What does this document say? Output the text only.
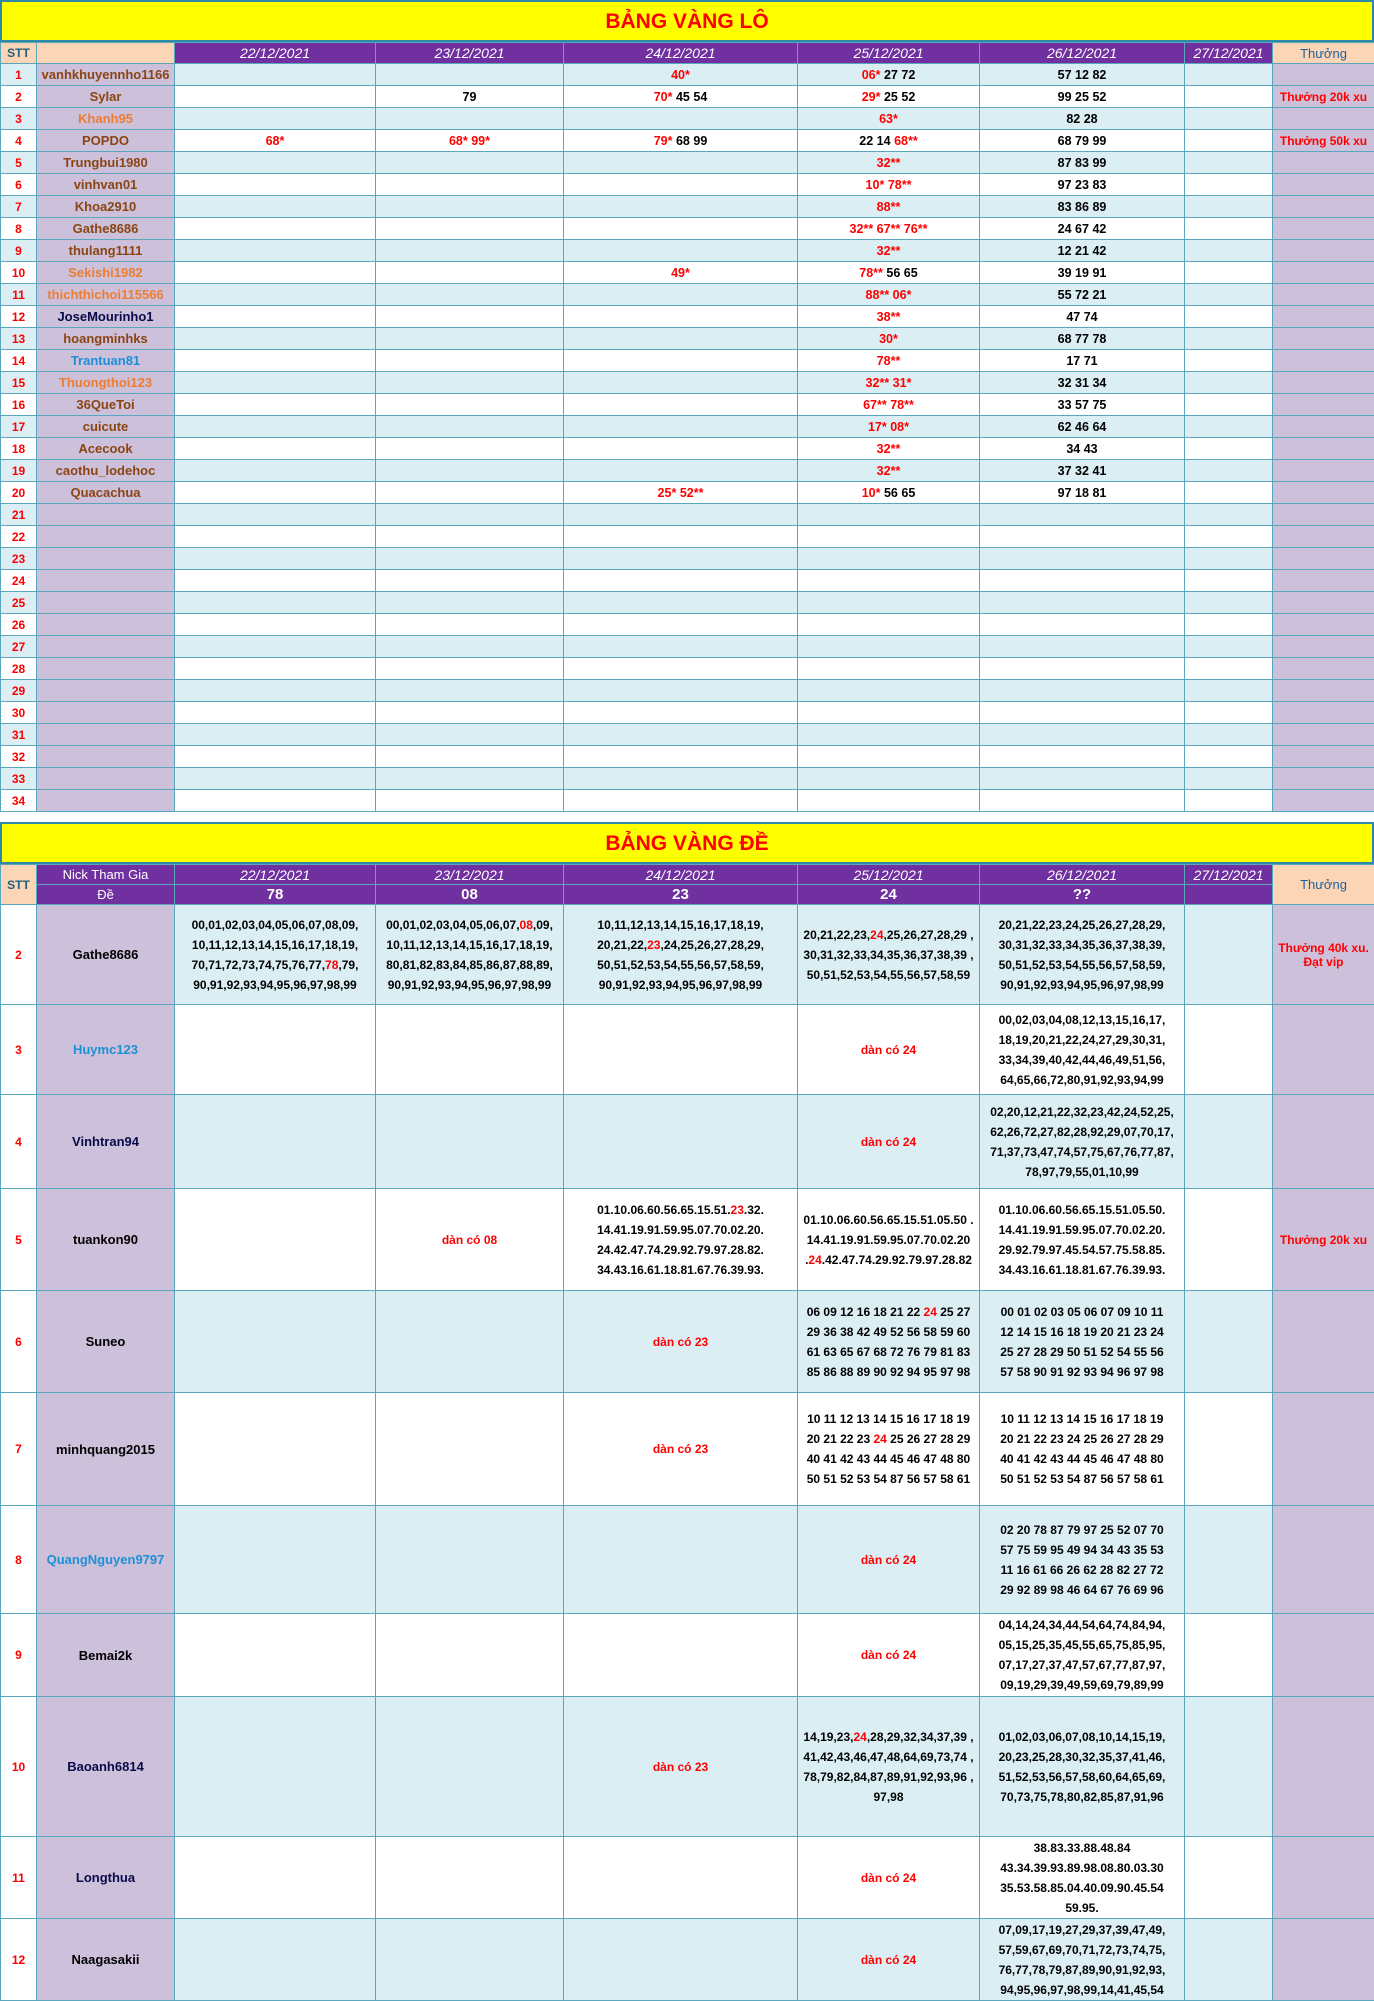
BẢNG VÀNG LÔ
STT		22/12/2021	23/12/2021	24/12/2021	25/12/2021	26/12/2021	27/12/2021	Thưởng
1	vanhkhuyennho1166			40*	06* 27 72	57 12 82		
2	Sylar		79	70* 45 54	29* 25 52	99 25 52		Thưởng 20k xu
3	Khanh95				63*	82 28		
4	POPDO	68*	68* 99*	79* 68 99	22 14 68**	68 79 99		Thưởng 50k xu
5	Trungbui1980				32**	87 83 99		
6	vinhvan01				10* 78**	97 23 83		
7	Khoa2910				88**	83 86 89		
8	Gathe8686				32** 67** 76**	24 67 42		
9	thulang1111				32**	12 21 42		
10	Sekishi1982			49*	78** 56 65	39 19 91		
11	thichthichoi115566				88** 06*	55 72 21		
12	JoseMourinho1				38**	47 74		
13	hoangminhks				30*	68 77 78		
14	Trantuan81				78**	17 71		
15	Thuongthoi123				32** 31*	32 31 34		
16	36QueToi				67** 78**	33 57 75		
17	cuicute				17* 08*	62 46 64		
18	Acecook				32**	34 43		
19	caothu_lodehoc				32**	37 32 41		
20	Quacachua			25* 52**	10* 56 65	97 18 81		
21								
22								
23								
24								
25								
26								
27								
28								
29								
30								
31								
32								
33								
34								
BẢNG VÀNG ĐỀ
STT	Nick Tham Gia	22/12/2021	23/12/2021	24/12/2021	25/12/2021	26/12/2021	27/12/2021	Thưởng
	Đề	78	08	23	24	??		
2	Gathe8686	00,01,02,03,04,05,06,07,08,09,
10,11,12,13,14,15,16,17,18,19,
70,71,72,73,74,75,76,77,78,79,
90,91,92,93,94,95,96,97,98,99	00,01,02,03,04,05,06,07,08,09,
10,11,12,13,14,15,16,17,18,19,
80,81,82,83,84,85,86,87,88,89,
90,91,92,93,94,95,96,97,98,99	10,11,12,13,14,15,16,17,18,19,
20,21,22,23,24,25,26,27,28,29,
50,51,52,53,54,55,56,57,58,59,
90,91,92,93,94,95,96,97,98,99	20,21,22,23,24,25,26,27,28,29 ,
30,31,32,33,34,35,36,37,38,39 ,
50,51,52,53,54,55,56,57,58,59	20,21,22,23,24,25,26,27,28,29,
30,31,32,33,34,35,36,37,38,39,
50,51,52,53,54,55,56,57,58,59,
90,91,92,93,94,95,96,97,98,99		Thưởng 40k xu. Đạt vip
3	Huymc123				dàn có 24	00,02,03,04,08,12,13,15,16,17,
18,19,20,21,22,24,27,29,30,31,
33,34,39,40,42,44,46,49,51,56,
64,65,66,72,80,91,92,93,94,99		
4	Vinhtran94				dàn có 24	02,20,12,21,22,32,23,42,24,52,25,
62,26,72,27,82,28,92,29,07,70,17,
71,37,73,47,74,57,75,67,76,77,87,
78,97,79,55,01,10,99		
5	tuankon90		dàn có 08	01.10.06.60.56.65.15.51.23.32.
14.41.19.91.59.95.07.70.02.20.
24.42.47.74.29.92.79.97.28.82.
34.43.16.61.18.81.67.76.39.93.	01.10.06.60.56.65.15.51.05.50 .
14.41.19.91.59.95.07.70.02.20 .24.42.47.74.29.92.79.97.28.82	01.10.06.60.56.65.15.51.05.50.
14.41.19.91.59.95.07.70.02.20.
29.92.79.97.45.54.57.75.58.85.
34.43.16.61.18.81.67.76.39.93.		Thưởng 20k xu
6	Suneo			dàn có 23	06 09 12 16 18 21 22 24 25 27
29 36 38 42 49 52 56 58 59 60
61 63 65 67 68 72 76 79 81 83
85 86 88 89 90 92 94 95 97 98	00 01 02 03 05 06 07 09 10 11
12 14 15 16 18 19 20 21 23 24
25 27 28 29 50 51 52 54 55 56
57 58 90 91 92 93 94 96 97 98		
7	minhquang2015			dàn có 23	10 11 12 13 14 15 16 17 18 19
20 21 22 23 24 25 26 27 28 29
40 41 42 43 44 45 46 47 48 80
50 51 52 53 54 87 56 57 58 61	10 11 12 13 14 15 16 17 18 19
20 21 22 23 24 25 26 27 28 29
40 41 42 43 44 45 46 47 48 80
50 51 52 53 54 87 56 57 58 61		
8	QuangNguyen9797				dàn có 24	02 20 78 87 79 97 25 52 07 70
57 75 59 95 49 94 34 43 35 53
11 16 61 66 26 62 28 82 27 72
29 92 89 98 46 64 67 76 69 96		
9	Bemai2k				dàn có 24	04,14,24,34,44,54,64,74,84,94,
05,15,25,35,45,55,65,75,85,95,
07,17,27,37,47,57,67,77,87,97,
09,19,29,39,49,59,69,79,89,99		
10	Baoanh6814			dàn có 23	14,19,23,24,28,29,32,34,37,39 ,
41,42,43,46,47,48,64,69,73,74 ,
78,79,82,84,87,89,91,92,93,96 ,
97,98	01,02,03,06,07,08,10,14,15,19,
20,23,25,28,30,32,35,37,41,46,
51,52,53,56,57,58,60,64,65,69,
70,73,75,78,80,82,85,87,91,96		
11	Longthua				dàn có 24	38.83.33.88.48.84
43.34.39.93.89.98.08.80.03.30
35.53.58.85.04.40.09.90.45.54
59.95.		
12	Naagasakii				dàn có 24	07,09,17,19,27,29,37,39,47,49,
57,59,67,69,70,71,72,73,74,75,
76,77,78,79,87,89,90,91,92,93,
94,95,96,97,98,99,14,41,45,54		
